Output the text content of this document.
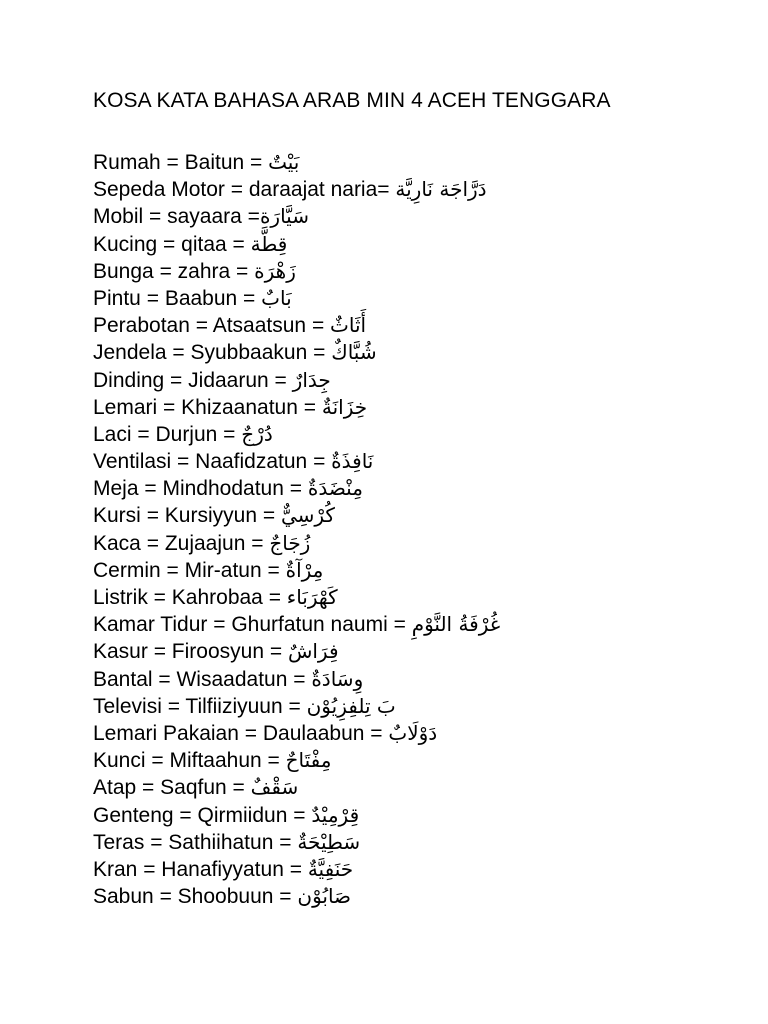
KOSA KATA BAHASA ARAB MIN 4 ACEH TENGGARA
Rumah = Baitun = بَيْتٌ
Sepeda Motor = daraajat naria= دَرَّاجَة نَارِيَّة
Mobil = sayaara =سَيَّارَة
Kucing = qitaa = قِطَّة
Bunga = zahra = زَهْرَة
Pintu = Baabun = بَابٌ
Perabotan = Atsaatsun = أَثَاثٌ
Jendela = Syubbaakun = شُبَّاكٌ
Dinding = Jidaarun = جِدَارٌ
Lemari = Khizaanatun = خِزَانَةٌ
Laci = Durjun = دُرْجٌ
Ventilasi = Naafidzatun = نَافِذَةٌ
Meja = Mindhodatun = مِنْضَدَةٌ
Kursi = Kursiyyun = كُرْسِيٌّ
Kaca = Zujaajun = زُجَاجٌ
Cermin = Mir-atun = مِرْآةٌ
Listrik = Kahrobaa = كَهْرَبَاء
Kamar Tidur = Ghurfatun naumi = غُرْفَةُ النَّوْمِ
Kasur = Firoosyun = فِرَاشٌ
Bantal = Wisaadatun = وِسَادَةٌ
Televisi = Tilfiiziyuun = بَ تِلفِزِيُوْن
Lemari Pakaian = Daulaabun = دَوْلَابٌ
Kunci = Miftaahun = مِفْتَاحٌ
Atap = Saqfun = سَقْفٌ
Genteng = Qirmiidun = قِرْمِيْدٌ
Teras = Sathiihatun = سَطِيْحَةٌ
Kran = Hanafiyyatun = حَنَفِيَّةٌ
Sabun = Shoobuun = صَابُوْن
